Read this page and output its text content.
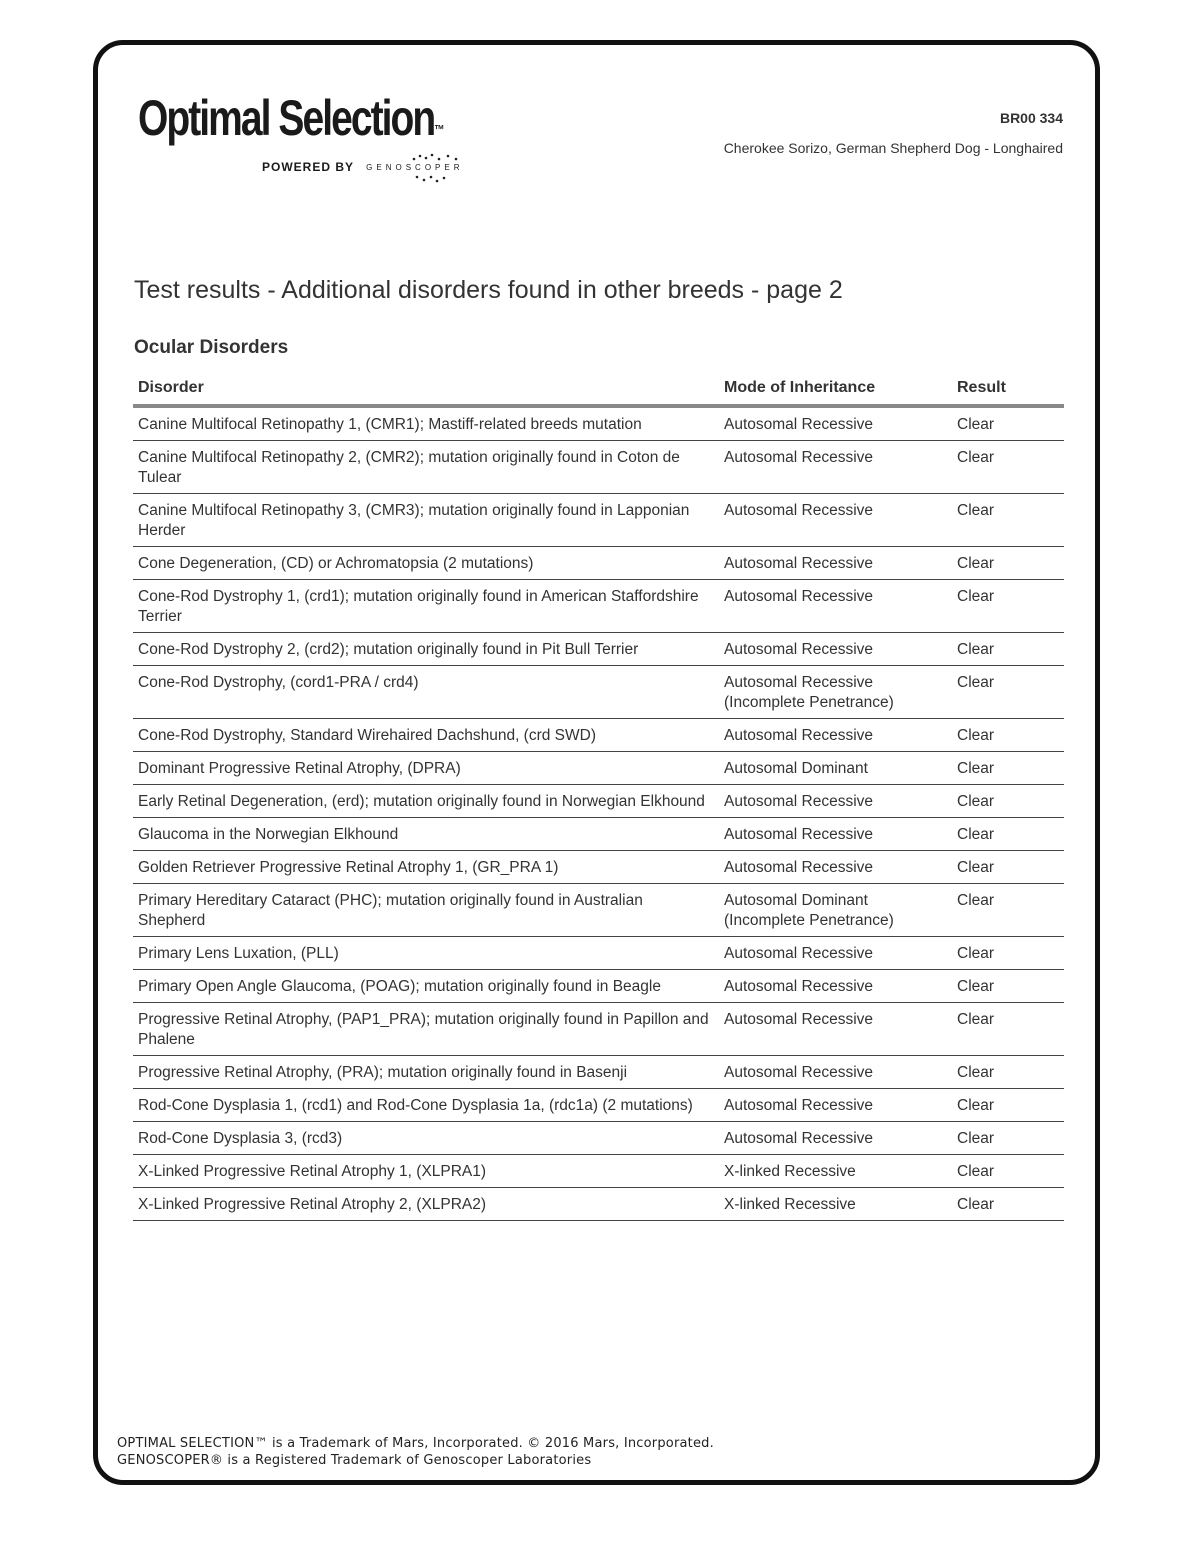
Optimal Selection™
POWERED BY GENOSCOPER
BR00 334
Cherokee Sorizo, German Shepherd Dog - Longhaired
Test results - Additional disorders found in other breeds - page 2
Ocular Disorders
Disorder	Mode of Inheritance	Result
Canine Multifocal Retinopathy 1, (CMR1); Mastiff-related breeds mutation	Autosomal Recessive	Clear
Canine Multifocal Retinopathy 2, (CMR2); mutation originally found in Coton de Tulear	Autosomal Recessive	Clear
Canine Multifocal Retinopathy 3, (CMR3); mutation originally found in Lapponian Herder	Autosomal Recessive	Clear
Cone Degeneration, (CD) or Achromatopsia (2 mutations)	Autosomal Recessive	Clear
Cone-Rod Dystrophy 1, (crd1); mutation originally found in American Staffordshire Terrier	Autosomal Recessive	Clear
Cone-Rod Dystrophy 2, (crd2); mutation originally found in Pit Bull Terrier	Autosomal Recessive	Clear
Cone-Rod Dystrophy, (cord1-PRA / crd4)	Autosomal Recessive (Incomplete Penetrance)	Clear
Cone-Rod Dystrophy, Standard Wirehaired Dachshund, (crd SWD)	Autosomal Recessive	Clear
Dominant Progressive Retinal Atrophy, (DPRA)	Autosomal Dominant	Clear
Early Retinal Degeneration, (erd); mutation originally found in Norwegian Elkhound	Autosomal Recessive	Clear
Glaucoma in the Norwegian Elkhound	Autosomal Recessive	Clear
Golden Retriever Progressive Retinal Atrophy 1, (GR_PRA 1)	Autosomal Recessive	Clear
Primary Hereditary Cataract (PHC); mutation originally found in Australian Shepherd	Autosomal Dominant (Incomplete Penetrance)	Clear
Primary Lens Luxation, (PLL)	Autosomal Recessive	Clear
Primary Open Angle Glaucoma, (POAG); mutation originally found in Beagle	Autosomal Recessive	Clear
Progressive Retinal Atrophy, (PAP1_PRA); mutation originally found in Papillon and Phalene	Autosomal Recessive	Clear
Progressive Retinal Atrophy, (PRA); mutation originally found in Basenji	Autosomal Recessive	Clear
Rod-Cone Dysplasia 1, (rcd1) and Rod-Cone Dysplasia 1a, (rdc1a) (2 mutations)	Autosomal Recessive	Clear
Rod-Cone Dysplasia 3, (rcd3)	Autosomal Recessive	Clear
X-Linked Progressive Retinal Atrophy 1, (XLPRA1)	X-linked Recessive	Clear
X-Linked Progressive Retinal Atrophy 2, (XLPRA2)	X-linked Recessive	Clear
OPTIMAL SELECTION™ is a Trademark of Mars, Incorporated. © 2016 Mars, Incorporated.
GENOSCOPER® is a Registered Trademark of Genoscoper Laboratories
